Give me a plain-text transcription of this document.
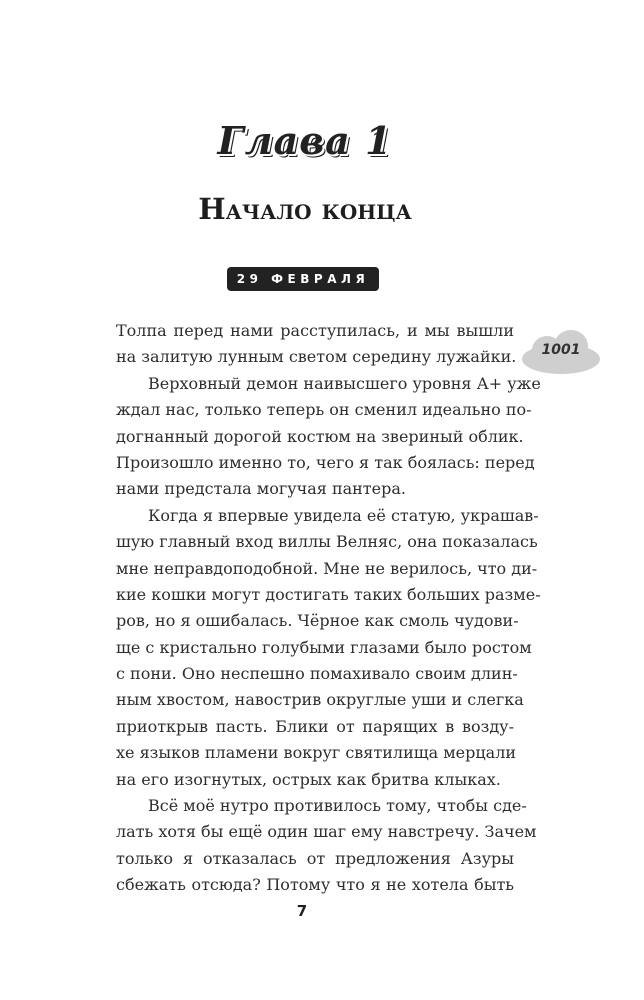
Глава 1
Начало конца
29 ФЕВРАЛЯ
1001
Толпа перед нами расступилась, и мы вышли
на залитую лунным светом середину лужайки.
Верховный демон наивысшего уровня А+ уже
ждал нас, только теперь он сменил идеально по-
догнанный дорогой костюм на звериный облик.
Произошло именно то, чего я так боялась: перед
нами предстала могучая пантера.
Когда я впервые увидела её статую, украшав-
шую главный вход виллы Велняс, она показалась
мне неправдоподобной. Мне не верилось, что ди-
кие кошки могут достигать таких больших разме-
ров, но я ошибалась. Чёрное как смоль чудови-
ще с кристально голубыми глазами было ростом
с пони. Оно неспешно помахивало своим длин-
ным хвостом, навострив округлые уши и слегка
приоткрыв пасть. Блики от парящих в возду-
хе языков пламени вокруг святилища мерцали
на его изогнутых, острых как бритва клыках.
Всё моё нутро противилось тому, чтобы сде-
лать хотя бы ещё один шаг ему навстречу. Зачем
только я отказалась от предложения Азуры
сбежать отсюда? Потому что я не хотела быть
7
